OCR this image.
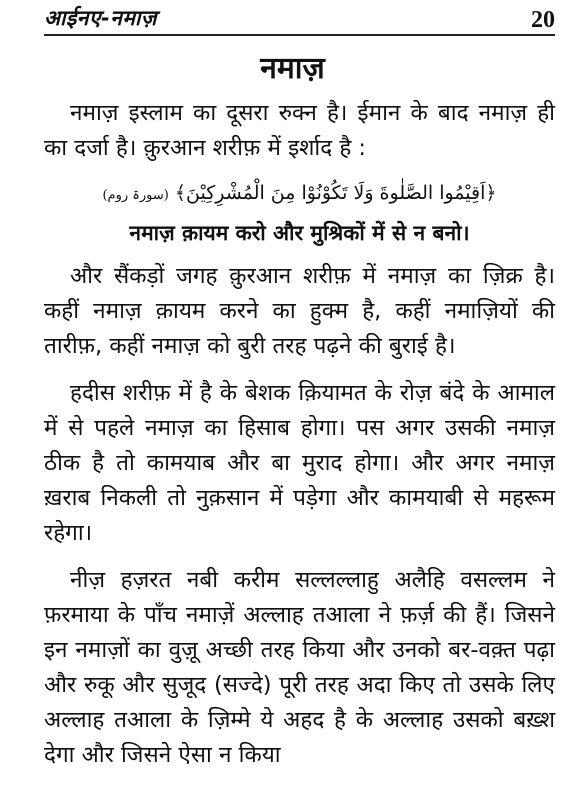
आईनए-नमाज़	20
नमाज़

नमाज़ इस्लाम का दूसरा रुक्न है। ईमान के बाद नमाज़ ही का दर्जा है। क़ुरआन शरीफ़ में इर्शाद है :

﴿اَقِيْمُوا الصَّلٰوةَ وَلَا تَكُوْنُوْا مِنَ الْمُشْرِكِيْنَ﴾ (سورۃ روم)
नमाज़ क़ायम करो और मुश्रिकों में से न बनो।

और सैंकड़ों जगह क़ुरआन शरीफ़ में नमाज़ का ज़िक्र है। कहीं नमाज़ क़ायम करने का हुक्म है, कहीं नमाज़ियों की तारीफ़, कहीं नमाज़ को बुरी तरह पढ़ने की बुराई है।

हदीस शरीफ़ में है के बेशक क़ियामत के रोज़ बंदे के आमाल में से पहले नमाज़ का हिसाब होगा। पस अगर उसकी नमाज़ ठीक है तो कामयाब और बा मुराद होगा। और अगर नमाज़ ख़राब निकली तो नुक़सान में पड़ेगा और कामयाबी से महरूम रहेगा।

नीज़ हज़रत नबी करीम सल्लल्लाहु अलैहि वसल्लम ने फ़रमाया के पाँच नमाज़ें अल्लाह तआला ने फ़र्ज़ की हैं। जिसने इन नमाज़ों का वुज़ू अच्छी तरह किया और उनको बर-वक़्त पढ़ा और रुकू और सुजूद (सज्दे) पूरी तरह अदा किए तो उसके लिए अल्लाह तआला के ज़िम्मे ये अहद है के अल्लाह उसको बख़्श देगा और जिसने ऐसा न किया
